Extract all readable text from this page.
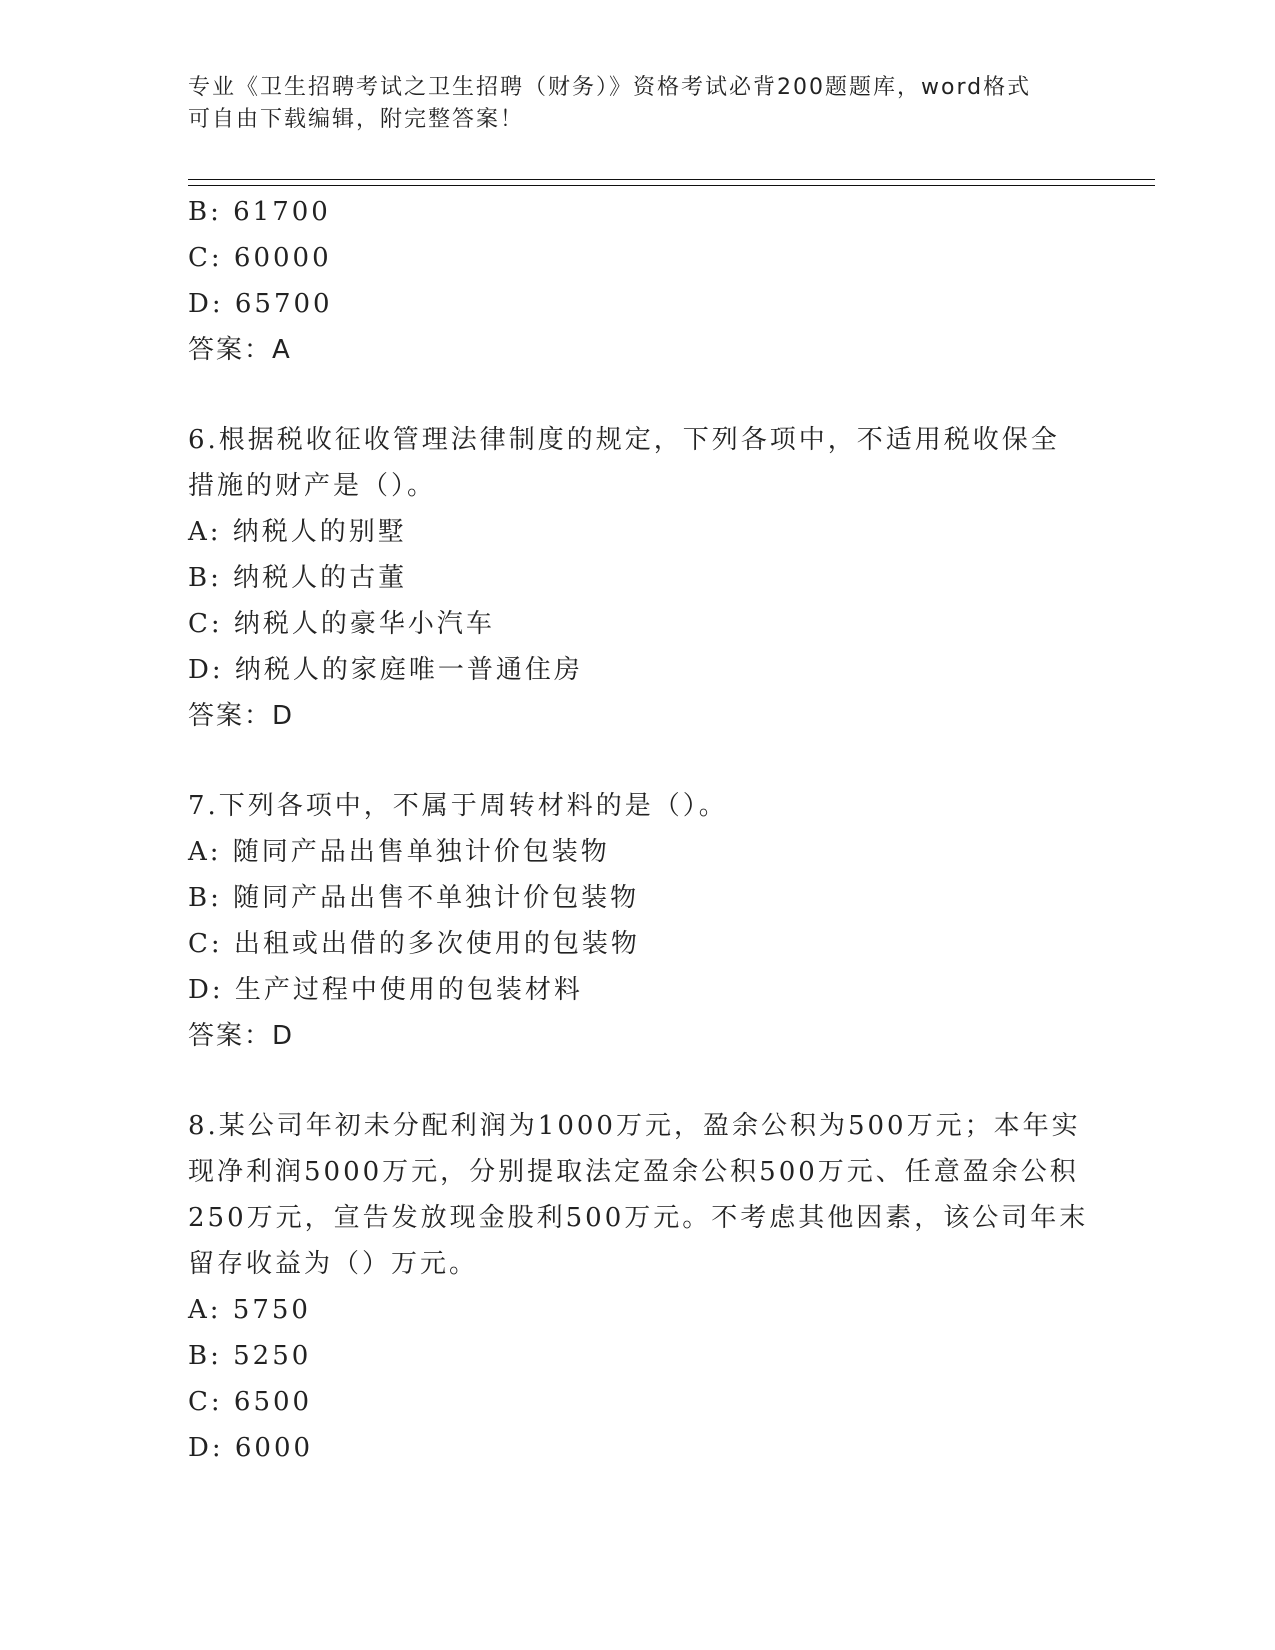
专业《卫生招聘考试之卫生招聘（财务）》资格考试必背200题题库，word格式
可自由下载编辑，附完整答案！
B: 61700
C: 60000
D: 65700
答案：A
6.根据税收征收管理法律制度的规定，下列各项中，不适用税收保全
措施的财产是（）。
A: 纳税人的别墅
B: 纳税人的古董
C: 纳税人的豪华小汽车
D: 纳税人的家庭唯一普通住房
答案：D
7.下列各项中，不属于周转材料的是（）。
A: 随同产品出售单独计价包装物
B: 随同产品出售不单独计价包装物
C: 出租或出借的多次使用的包装物
D: 生产过程中使用的包装材料
答案：D
8.某公司年初未分配利润为1000万元，盈余公积为500万元；本年实
现净利润5000万元，分别提取法定盈余公积500万元、任意盈余公积
250万元，宣告发放现金股利500万元。不考虑其他因素，该公司年末
留存收益为（）万元。
A: 5750
B: 5250
C: 6500
D: 6000
